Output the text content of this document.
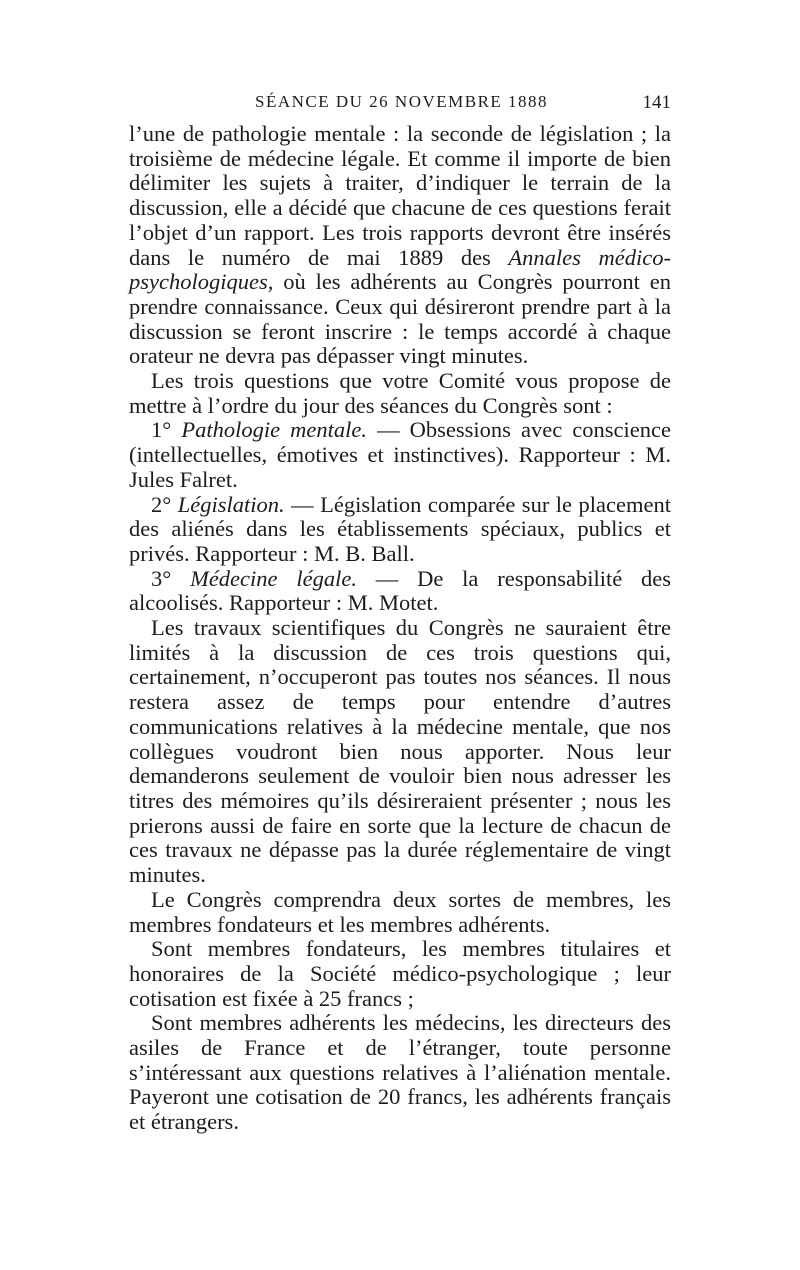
SÉANCE DU 26 NOVEMBRE 1888	141

l’une de pathologie mentale : la seconde de législation ; la troisième de médecine légale. Et comme il importe de bien délimiter les sujets à traiter, d’indiquer le terrain de la discussion, elle a décidé que chacune de ces questions ferait l’objet d’un rapport. Les trois rapports devront être insérés dans le numéro de mai 1889 des Annales médico-psychologiques, où les adhérents au Congrès pourront en prendre connaissance. Ceux qui désireront prendre part à la discussion se feront inscrire : le temps accordé à chaque orateur ne devra pas dépasser vingt minutes.

Les trois questions que votre Comité vous propose de mettre à l’ordre du jour des séances du Congrès sont :

1° Pathologie mentale. — Obsessions avec conscience (intellectuelles, émotives et instinctives). Rapporteur : M. Jules Falret.

2° Législation. — Législation comparée sur le placement des aliénés dans les établissements spéciaux, publics et privés. Rapporteur : M. B. Ball.

3° Médecine légale. — De la responsabilité des alcoolisés. Rapporteur : M. Motet.

Les travaux scientifiques du Congrès ne sauraient être limités à la discussion de ces trois questions qui, certainement, n’occuperont pas toutes nos séances. Il nous restera assez de temps pour entendre d’autres communications relatives à la médecine mentale, que nos collègues voudront bien nous apporter. Nous leur demanderons seulement de vouloir bien nous adresser les titres des mémoires qu’ils désireraient présenter ; nous les prierons aussi de faire en sorte que la lecture de chacun de ces travaux ne dépasse pas la durée réglementaire de vingt minutes.

Le Congrès comprendra deux sortes de membres, les membres fondateurs et les membres adhérents.

Sont membres fondateurs, les membres titulaires et honoraires de la Société médico-psychologique ; leur cotisation est fixée à 25 francs ;

Sont membres adhérents les médecins, les directeurs des asiles de France et de l’étranger, toute personne s’intéressant aux questions relatives à l’aliénation mentale. Payeront une cotisation de 20 francs, les adhérents français et étrangers.
